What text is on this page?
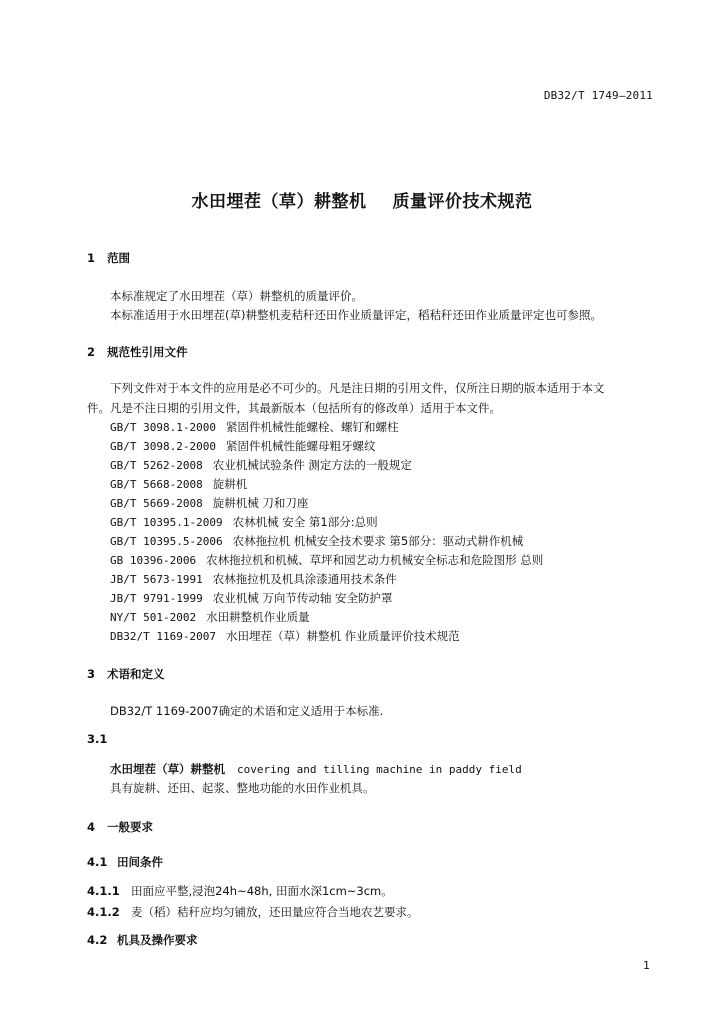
DB32/T 1749—2011
水田埋茬（草）耕整机 质量评价技术规范
1 范围
本标准规定了水田埋茬（草）耕整机的质量评价。
本标准适用于水田埋茬(草)耕整机麦秸秆还田作业质量评定，稻秸秆还田作业质量评定也可参照。
2 规范性引用文件
下列文件对于本文件的应用是必不可少的。凡是注日期的引用文件，仅所注日期的版本适用于本文
件。凡是不注日期的引用文件，其最新版本（包括所有的修改单）适用于本文件。
GB/T 3098.1-2000 紧固件机械性能螺栓、螺钉和螺柱
GB/T 3098.2-2000 紧固件机械性能螺母粗牙螺纹
GB/T 5262-2008 农业机械试验条件 测定方法的一般规定
GB/T 5668-2008 旋耕机
GB/T 5669-2008 旋耕机械 刀和刀座
GB/T 10395.1-2009 农林机械 安全 第1部分:总则
GB/T 10395.5-2006 农林拖拉机 机械安全技术要求 第5部分：驱动式耕作机械
GB 10396-2006 农林拖拉机和机械、草坪和园艺动力机械安全标志和危险图形 总则
JB/T 5673-1991 农林拖拉机及机具涂漆通用技术条件
JB/T 9791-1999 农业机械 万向节传动轴 安全防护罩
NY/T 501-2002 水田耕整机作业质量
DB32/T 1169-2007 水田埋茬（草）耕整机 作业质量评价技术规范
3 术语和定义
DB32/T 1169-2007确定的术语和定义适用于本标准.
3.1
水田埋茬（草）耕整机 covering and tilling machine in paddy field
具有旋耕、还田、起浆、整地功能的水田作业机具。
4 一般要求
4.1 田间条件
4.1.1 田面应平整,浸泡24h~48h, 田面水深1cm~3cm。
4.1.2 麦（稻）秸秆应均匀铺放，还田量应符合当地农艺要求。
4.2 机具及操作要求
1
